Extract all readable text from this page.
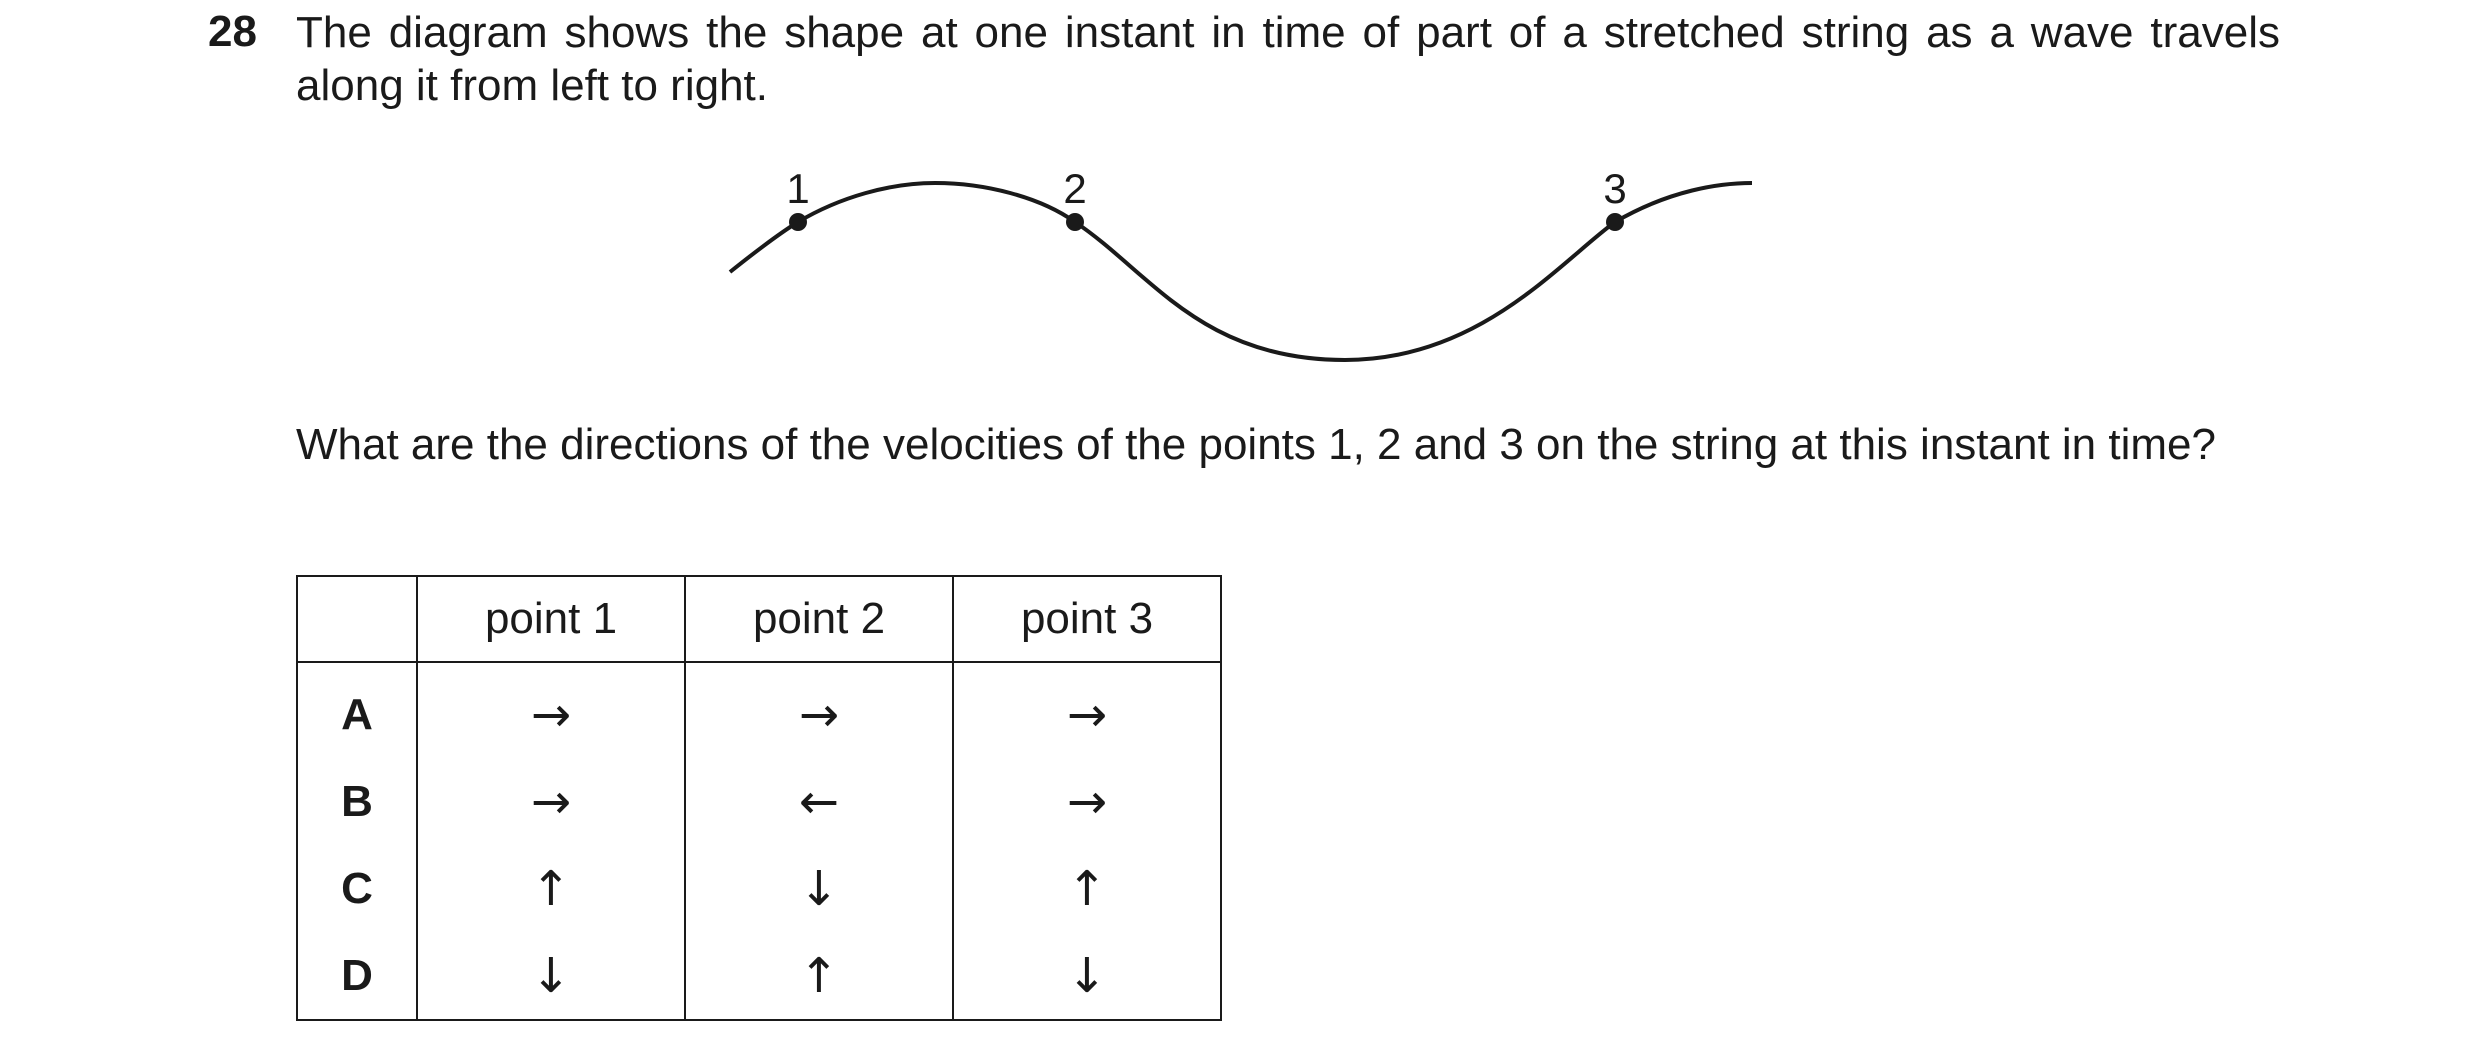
28 The diagram shows the shape at one instant in time of part of a stretched string as a wave travels along it from left to right.
1	2	3
What are the directions of the velocities of the points 1, 2 and 3 on the string at this instant in time?
	point 1	point 2	point 3
A	→	→	→
B	→	←	→
C	↑	↓	↑
D	↓	↑	↓
